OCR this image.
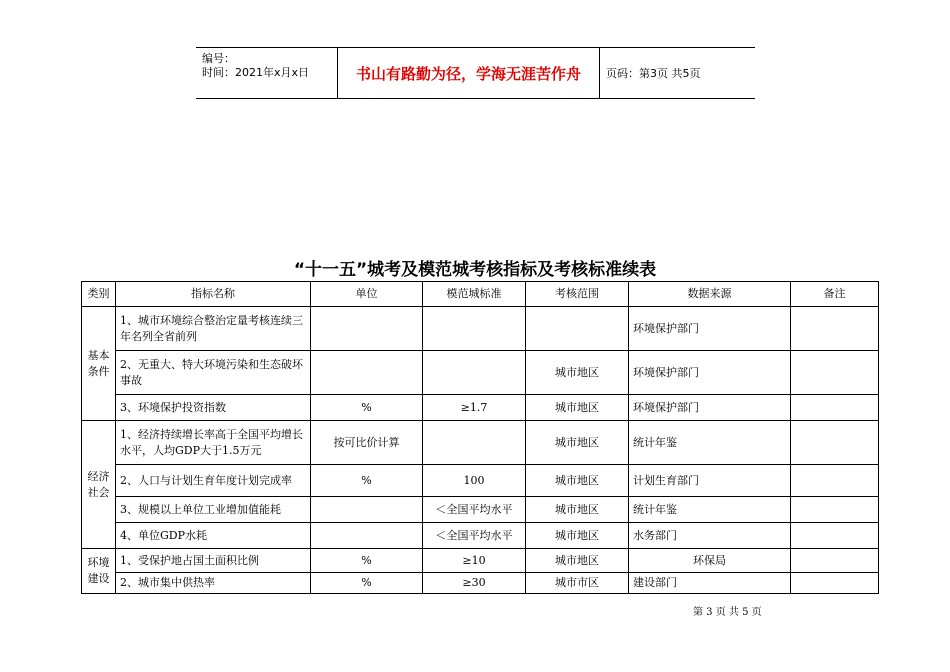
编号：
时间：2021年x月x日	书山有路勤为径，学海无涯苦作舟	页码：第3页 共5页
“十一五”城考及模范城考核指标及考核标准续表
类别	指标名称	单位	模范城标准	考核范围	数据来源	备注
基本条件	1、城市环境综合整治定量考核连续三年名列全省前列				环境保护部门	
	2、无重大、特大环境污染和生态破坏事故			城市地区	环境保护部门	
	3、环境保护投资指数	%	≥1.7	城市地区	环境保护部门	
经济社会	1、经济持续增长率高于全国平均增长水平，人均GDP大于1.5万元	按可比价计算		城市地区	统计年鉴	
	2、人口与计划生育年度计划完成率	%	100	城市地区	计划生育部门	
	3、规模以上单位工业增加值能耗		＜全国平均水平	城市地区	统计年鉴	
	4、单位GDP水耗		＜全国平均水平	城市地区	水务部门	
环境建设	1、受保护地占国土面积比例	%	≥10	城市地区	环保局	
	2、城市集中供热率	%	≥30	城市市区	建设部门	
第 3 页 共 5 页
